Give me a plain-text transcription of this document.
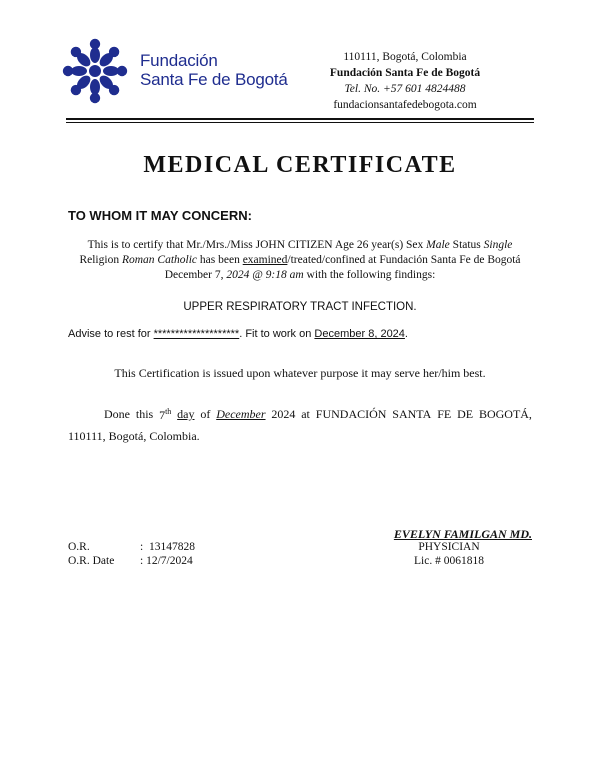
Fundación
Santa Fe de Bogotá
110111, Bogotá, Colombia
Fundación Santa Fe de Bogotá
Tel. No. +57 601 4824488
fundacionsantafedebogota.com
MEDICAL CERTIFICATE
TO WHOM IT MAY CONCERN:
This is to certify that Mr./Mrs./Miss JOHN CITIZEN Age 26 year(s) Sex Male Status Single
Religion Roman Catholic has been examined/treated/confined at Fundación Santa Fe de Bogotá
December 7, 2024 @ 9:18 am with the following findings:
UPPER RESPIRATORY TRACT INFECTION.
Advise to rest for ********************. Fit to work on December 8, 2024.
This Certification is issued upon whatever purpose it may serve her/him best.
Done this 7th day of December 2024 at FUNDACIÓN SANTA FE DE BOGOTÁ,
110111, Bogotá, Colombia.
EVELYN FAMILGAN MD.
PHYSICIAN
Lic. # 0061818
O.R.	: 13147828
O.R. Date : 12/7/2024
